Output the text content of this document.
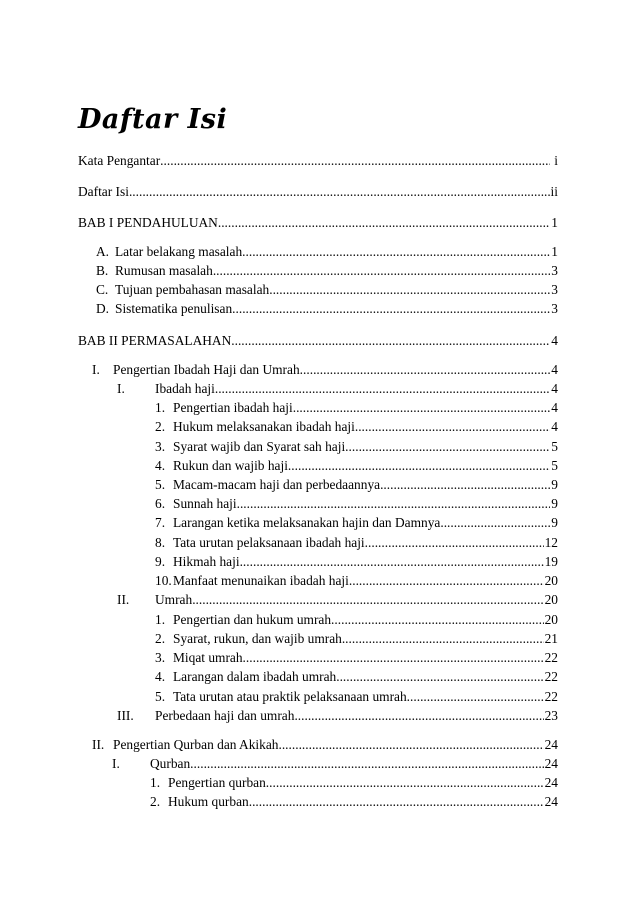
Daftar Isi
Kata Pengantar .....	i
Daftar Isi .....	ii
BAB I PENDAHULUAN .....	1
A. Latar belakang masalah .....	1
B. Rumusan masalah .....	3
C. Tujuan pembahasan masalah .....	3
D. Sistematika penulisan .....	3
BAB II PERMASALAHAN .....	4
I. Pengertian Ibadah Haji dan Umrah .....	4
I.	Ibadah haji .....	4
1. Pengertian ibadah haji .....	4
2. Hukum melaksanakan ibadah haji .....	4
3. Syarat wajib dan Syarat sah haji .....	5
4. Rukun dan wajib haji .....	5
5. Macam-macam haji dan perbedaannya .....	9
6. Sunnah haji .....	9
7. Larangan ketika melaksanakan hajin dan Damnya .....	9
8. Tata urutan pelaksanaan ibadah haji .....	12
9. Hikmah haji .....	19
10. Manfaat menunaikan ibadah haji .....	20
II.	Umrah .....	20
1. Pengertian dan hukum umrah .....	20
2. Syarat, rukun, dan wajib umrah .....	21
3. Miqat umrah .....	22
4. Larangan dalam ibadah umrah .....	22
5. Tata urutan atau praktik pelaksanaan umrah .....	22
III.	Perbedaan haji dan umrah .....	23
II. Pengertian Qurban dan Akikah .....	24
I.	Qurban .....	24
1. Pengertian qurban .....	24
2. Hukum qurban .....	24
